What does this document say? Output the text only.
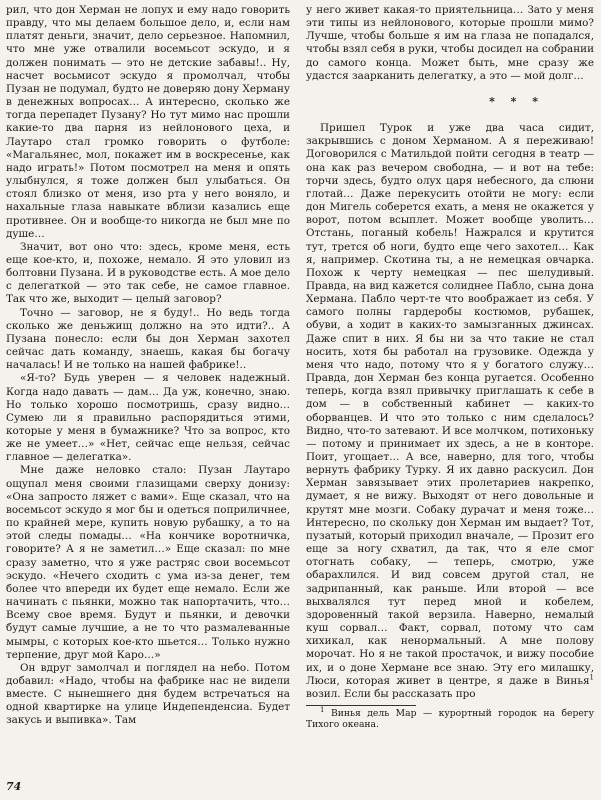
рил, что дон Херман не лопух и ему надо говорить правду, что мы делаем большое дело, и, если нам платят деньги, значит, дело серьезное. Напомнил, что мне уже отвалили восемьсот эскудо, и я должен понимать — это не детские забавы!.. Ну, насчет восьмисот эскудо я промолчал, чтобы Пузан не подумал, будто не доверяю дону Херману в денежных вопросах… А интересно, сколько же тогда перепадет Пузану? Но тут мимо нас прошли какие-то два парня из нейлонового цеха, и Лаутаро стал громко говорить о футболе: «Магальянес, мол, покажет им в воскресенье, как надо играть!» Потом посмотрел на меня и опять улыбнулся, я тоже должен был улыбаться. Он стоял близко от меня, изо рта у него воняло, и нахальные глаза навыкате вблизи казались еще противнее. Он и вообще-то никогда не был мне по душе…

Значит, вот оно что: здесь, кроме меня, есть еще кое-кто, и, похоже, немало. Я это уловил из болтовни Пузана. И в руководстве есть. А мое дело с делегаткой — это так себе, не самое главное. Так что же, выходит — целый заговор?

Точно — заговор, не я буду!.. Но ведь тогда сколько же деньжищ должно на это идти?.. А Пузана понесло: если бы дон Херман захотел сейчас дать команду, знаешь, какая бы богачу началась! И не только на нашей фабрике!..

«Я-то? Будь уверен — я человек надежный. Когда надо давать — дам… Да уж, конечно, знаю. Но только хорошо посмотришь, сразу видно… Сумею ли я правильно распорядиться этими, которые у меня в бумажнике? Что за вопрос, кто же не умеет…» «Нет, сейчас еще нельзя, сейчас главное — делегатка».

Мне даже неловко стало: Пузан Лаутаро ощупал меня своими глазищами сверху донизу: «Она запросто ляжет с вами». Еще сказал, что на восемьсот эскудо я мог бы и одеться поприличнее, по крайней мере, купить новую рубашку, а то на этой следы помады… «На кончике воротничка, говорите? А я не заметил…» Еще сказал: по мне сразу заметно, что я уже растряс свои восемьсот эскудо. «Нечего сходить с ума из-за денег, тем более что впереди их будет еще немало. Если же начинать с пьянки, можно так напортачить, что… Всему свое время. Будут и пьянки, и девочки будут самые лучшие, а не то что размалеванные мымры, с которых кое-кто шьется… Только нужно терпение, друг мой Каро…»

Он вдруг замолчал и поглядел на небо. Потом добавил: «Надо, чтобы на фабрике нас не видели вместе. С нынешнего дня будем встречаться на одной квартирке на улице Индепенденсиа. Будет закусь и выпивка». Там

у него живет какая-то приятельница… Зато у меня эти типы из нейлонового, которые прошли мимо? Лучше, чтобы больше я им на глаза не попадался, чтобы взял себя в руки, чтобы досидел на собрании до самого конца. Может быть, мне сразу же удастся заарканить делегатку, а это — мой долг…

* * *

Пришел Турок и уже два часа сидит, закрывшись с доном Херманом. А я переживаю! Договорился с Матильдой пойти сегодня в театр — она как раз вечером свободна, — и вот на тебе: торчи здесь, будто олух царя небесного, да слюни глотай… Даже перекусить отойти не могу: если дон Мигель соберется ехать, а меня не окажется у ворот, потом всыплет. Может вообще уволить… Отстань, поганый кобель! Нажрался и крутится тут, трется об ноги, будто еще чего захотел… Как я, например. Скотина ты, а не немецкая овчарка. Похож к черту немецкая — пес шелудивый. Правда, на вид кажется солиднее Пабло, сына дона Хермана. Пабло черт-те что воображает из себя. У самого полны гардеробы костюмов, рубашек, обуви, а ходит в каких-то замызганных джинсах. Даже спит в них. Я бы ни за что такие не стал носить, хотя бы работал на грузовике. Одежда у меня что надо, потому что я у богатого служу… Правда, дон Херман без конца ругается. Особенно теперь, когда взял привычку приглашать к себе в дом — в собственный кабинет — каких-то оборванцев. И что это только с ним сделалось? Видно, что-то затевают. И все молчком, потихоньку — потому и принимает их здесь, а не в конторе. Поит, угощает… А все, наверно, для того, чтобы вернуть фабрику Турку. Я их давно раскусил. Дон Херман завязывает этих пролетариев накрепко, думает, я не вижу. Выходят от него довольные и крутят мне мозги. Собаку дурачат и меня тоже… Интересно, по скольку дон Херман им выдает? Тот, пузатый, который приходил вначале, — Прозит его еще за ногу схватил, да так, что я еле смог отогнать собаку, — теперь, смотрю, уже обарахлился. И вид совсем другой стал, не задрипанный, как раньше. Или второй — все выхвалялся тут перед мной и кобелем, здоровенный такой верзила. Наверно, немалый куш сорвал… Факт, сорвал, потому что сам хихикал, как ненормальный. А мне полову морочат. Но я не такой простачок, и вижу пособие их, и о доне Хермане все знаю. Эту его милашку, Люси, которая живет в центре, я даже в Винья$^1$ возил. Если бы рассказать про

$^1$ Винья дель Мар — курортный городок на берегу Тихого океана.

74
